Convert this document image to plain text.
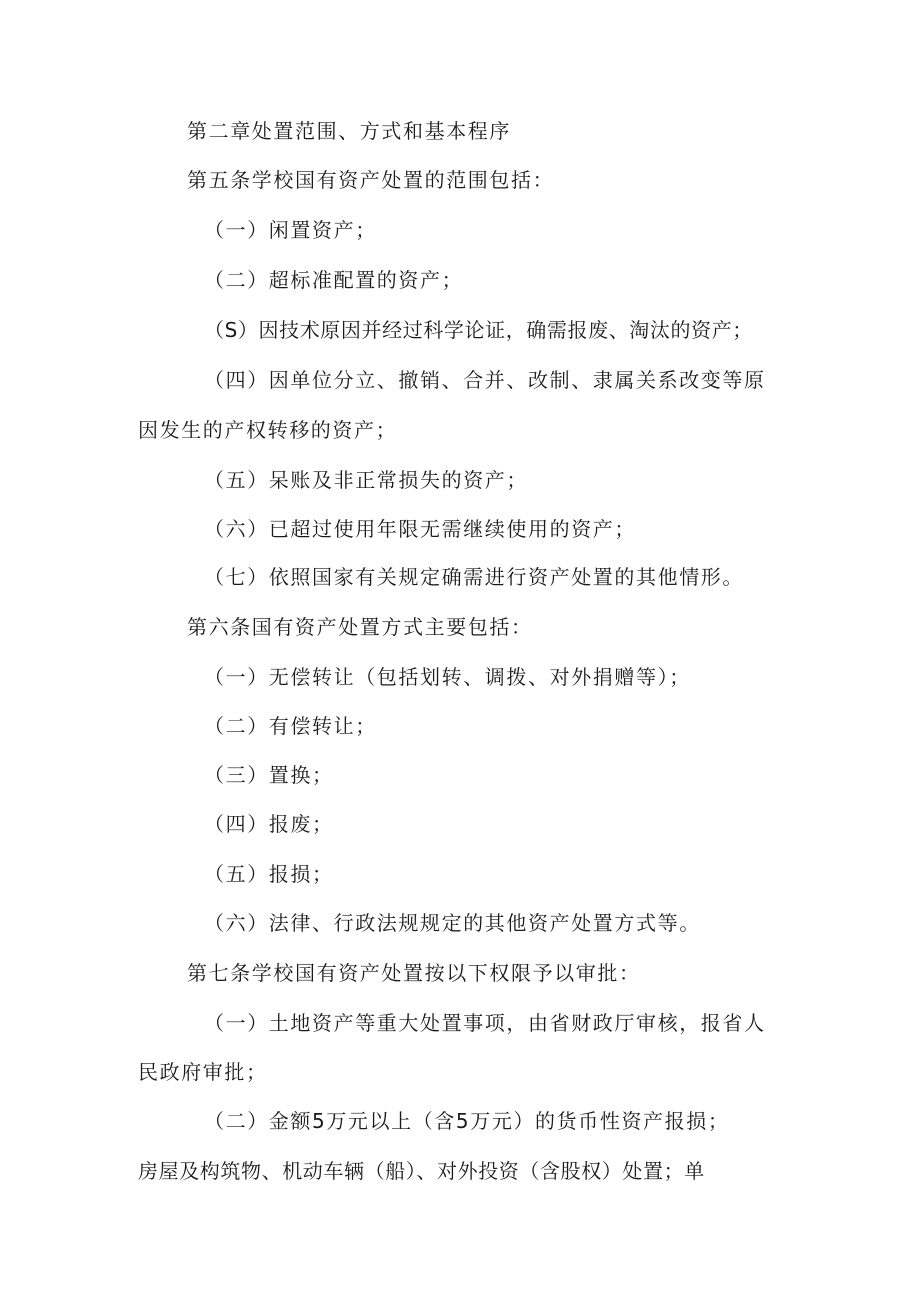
第二章处置范围、方式和基本程序
第五条学校国有资产处置的范围包括：
（一）闲置资产；
（二）超标准配置的资产；
（S）因技术原因并经过科学论证，确需报废、淘汰的资产；
（四）因单位分立、撤销、合并、改制、隶属关系改变等原
因发生的产权转移的资产；
（五）呆账及非正常损失的资产；
（六）已超过使用年限无需继续使用的资产；
（七）依照国家有关规定确需进行资产处置的其他情形。
第六条国有资产处置方式主要包括：
（一）无偿转让（包括划转、调拨、对外捐赠等）；
（二）有偿转让；
（三）置换；
（四）报废；
（五）报损；
（六）法律、行政法规规定的其他资产处置方式等。
第七条学校国有资产处置按以下权限予以审批：
（一）土地资产等重大处置事项，由省财政厅审核，报省人
民政府审批；
（二）金额5万元以上（含5万元）的货币性资产报损；
房屋及构筑物、机动车辆（船）、对外投资（含股权）处置；单
